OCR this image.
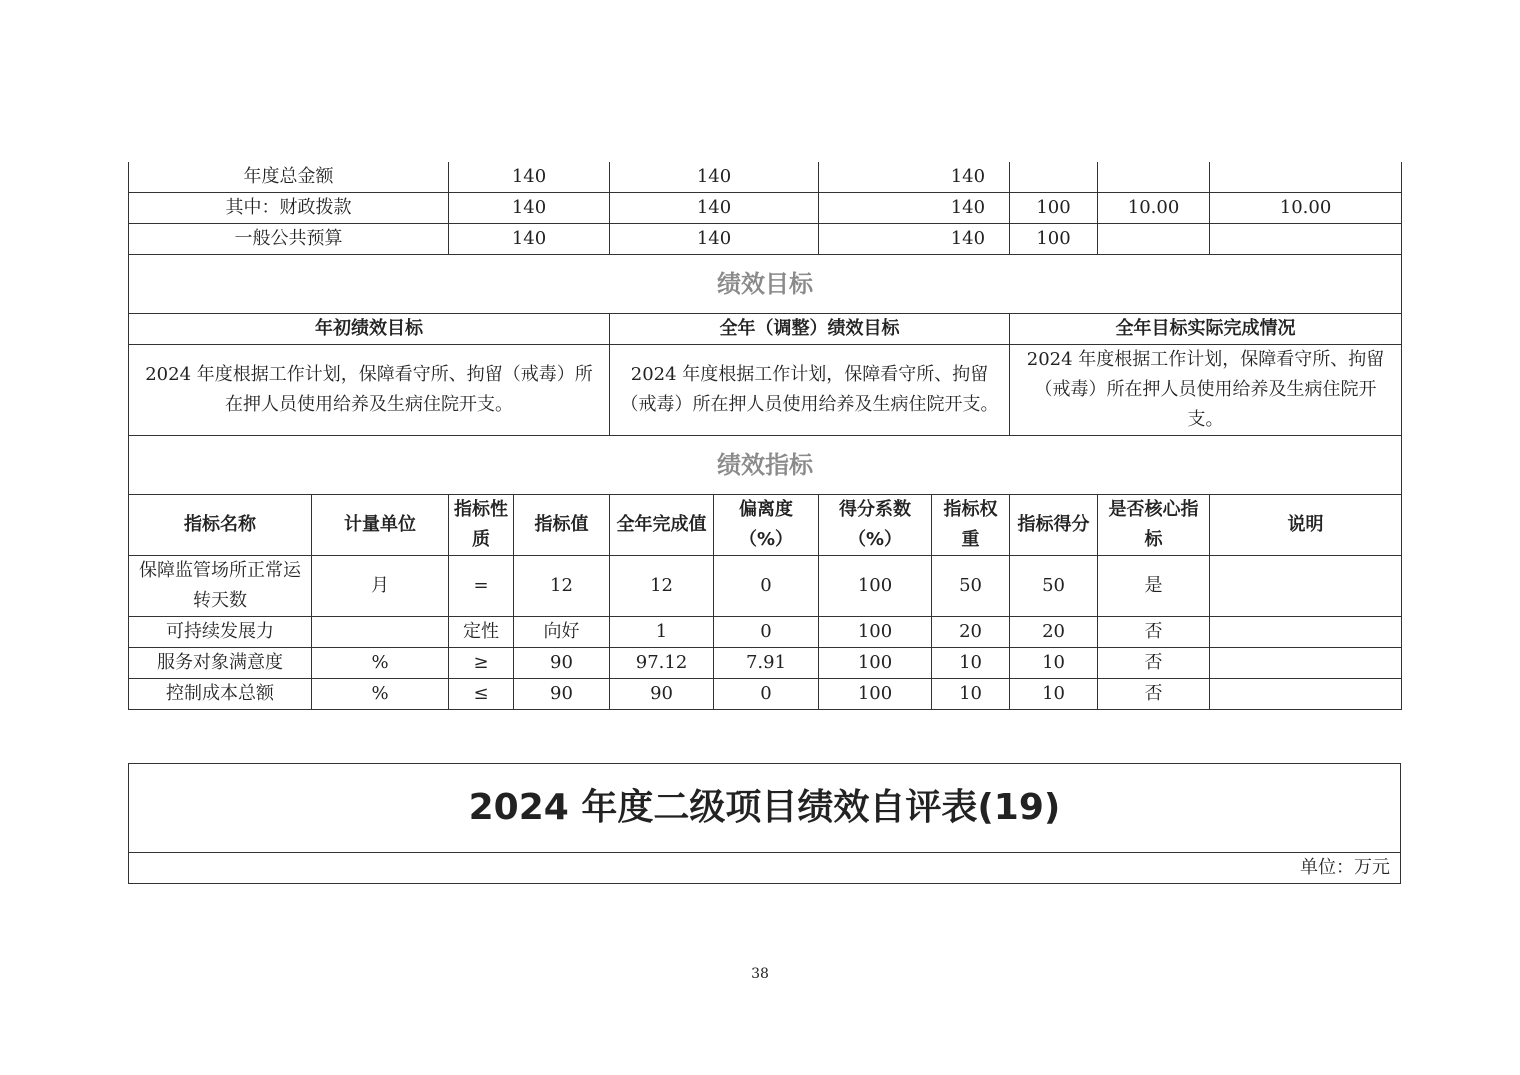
年度总金额		140		140		140				
其中：财政拨款		140		140		140		100	10.00	10.00
一般公共预算		140		140		140		100		
绩效目标										
年初绩效目标				全年（调整）绩效目标				全年目标实际完成情况		
2024 年度根据工作计划，保障看守所、拘留（戒毒）所在押人员使用给养及生病住院开支。				2024 年度根据工作计划，保障看守所、拘留（戒毒）所在押人员使用给养及生病住院开支。				2024 年度根据工作计划，保障看守所、拘留（戒毒）所在押人员使用给养及生病住院开支。		
绩效指标										
指标名称	计量单位	指标性质	指标值	全年完成值	偏离度（%）	得分系数（%）	指标权重	指标得分	是否核心指标	说明
保障监管场所正常运转天数	月	=	12	12	0	100	50	50	是	
可持续发展力		定性	向好	1	0	100	20	20	否	
服务对象满意度	%	≥	90	97.12	7.91	100	10	10	否	
控制成本总额	%	≤	90	90	0	100	10	10	否	
2024 年度二级项目绩效自评表(19)
单位：万元
38
